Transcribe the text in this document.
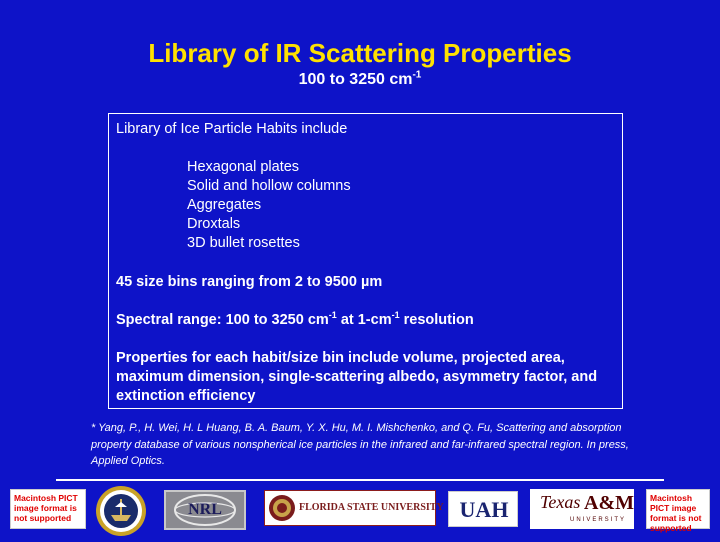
Library of IR Scattering Properties
100 to 3250 $cm^{-1}$
Library of Ice Particle Habits include
Hexagonal plates
Solid and hollow columns
Aggregates
Droxtals
3D bullet rosettes
45 size bins ranging from 2 to 9500 µm
Spectral range: 100 to 3250 $cm^{-1}$ at $1-cm^{-1}$ resolution
Properties for each habit/size bin include volume, projected area, maximum dimension, single-scattering albedo, asymmetry factor, and extinction efficiency
* Yang, P., H. Wei, H. L Huang, B. A. Baum, Y. X. Hu, M. I. Mishchenko, and Q. Fu, Scattering and absorption property database of various nonspherical ice particles in the infrared and far-infrared spectral region. In press, Applied Optics.
Macintosh PICT image format is not supported	NRL	FLORIDA STATE UNIVERSITY UAH	Texas A&M
UNIVERSITY
Macintosh PICT image format is not supported
